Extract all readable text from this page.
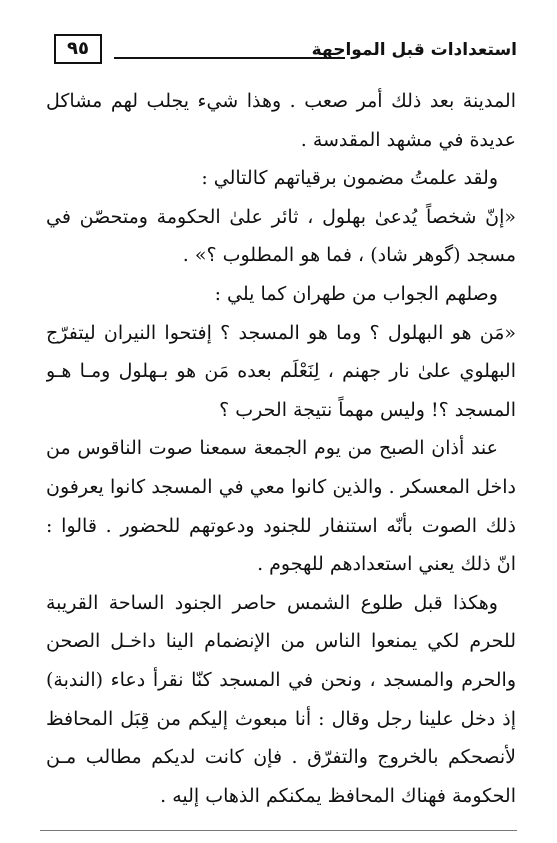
استعدادات قبل المواجهة
٩٥
المدينة بعد ذلك أمر صعب . وهذا شيء يجلب لهم مشاكل
عديدة في مشهد المقدسة .
ولقد علمتُ مضمون برقياتهم كالتالي :
«إنّ شخصاً يُدعىٰ بهلول ، ثائر علىٰ الحكومة ومتحصّن في
مسجد (گوهر شاد) ، فما هو المطلوب ؟» .
وصلهم الجواب من طهران كما يلي :
«مَن هو البهلول ؟ وما هو المسجد ؟ إفتحوا النيران ليتفرّج
البهلوي علىٰ نار جهنم ، لِنَعْلَم بعده مَن هو بـهلول ومـا هـو
المسجد ؟! وليس مهماً نتيجة الحرب ؟
عند أذان الصبح من يوم الجمعة سمعنا صوت الناقوس من
داخل المعسكر . والذين كانوا معي في المسجد كانوا يعرفون
ذلك الصوت بأنّه استنفار للجنود ودعوتهم للحضور . قالوا :
انّ ذلك يعني استعدادهم للهجوم .
وهكذا قبل طلوع الشمس حاصر الجنود الساحة القريبة
للحرم لكي يمنعوا الناس من الإنضمام الينا داخـل الصحن
والحرم والمسجد ، ونحن في المسجد كنّا نقرأ دعاء (الندبة)
إذ دخل علينا رجل وقال : أنا مبعوث إليكم من قِبَل المحافظ
لأنصحكم بالخروج والتفرّق . فإن كانت لديكم مطالب مـن
الحكومة فهناك المحافظ يمكنكم الذهاب إليه .
